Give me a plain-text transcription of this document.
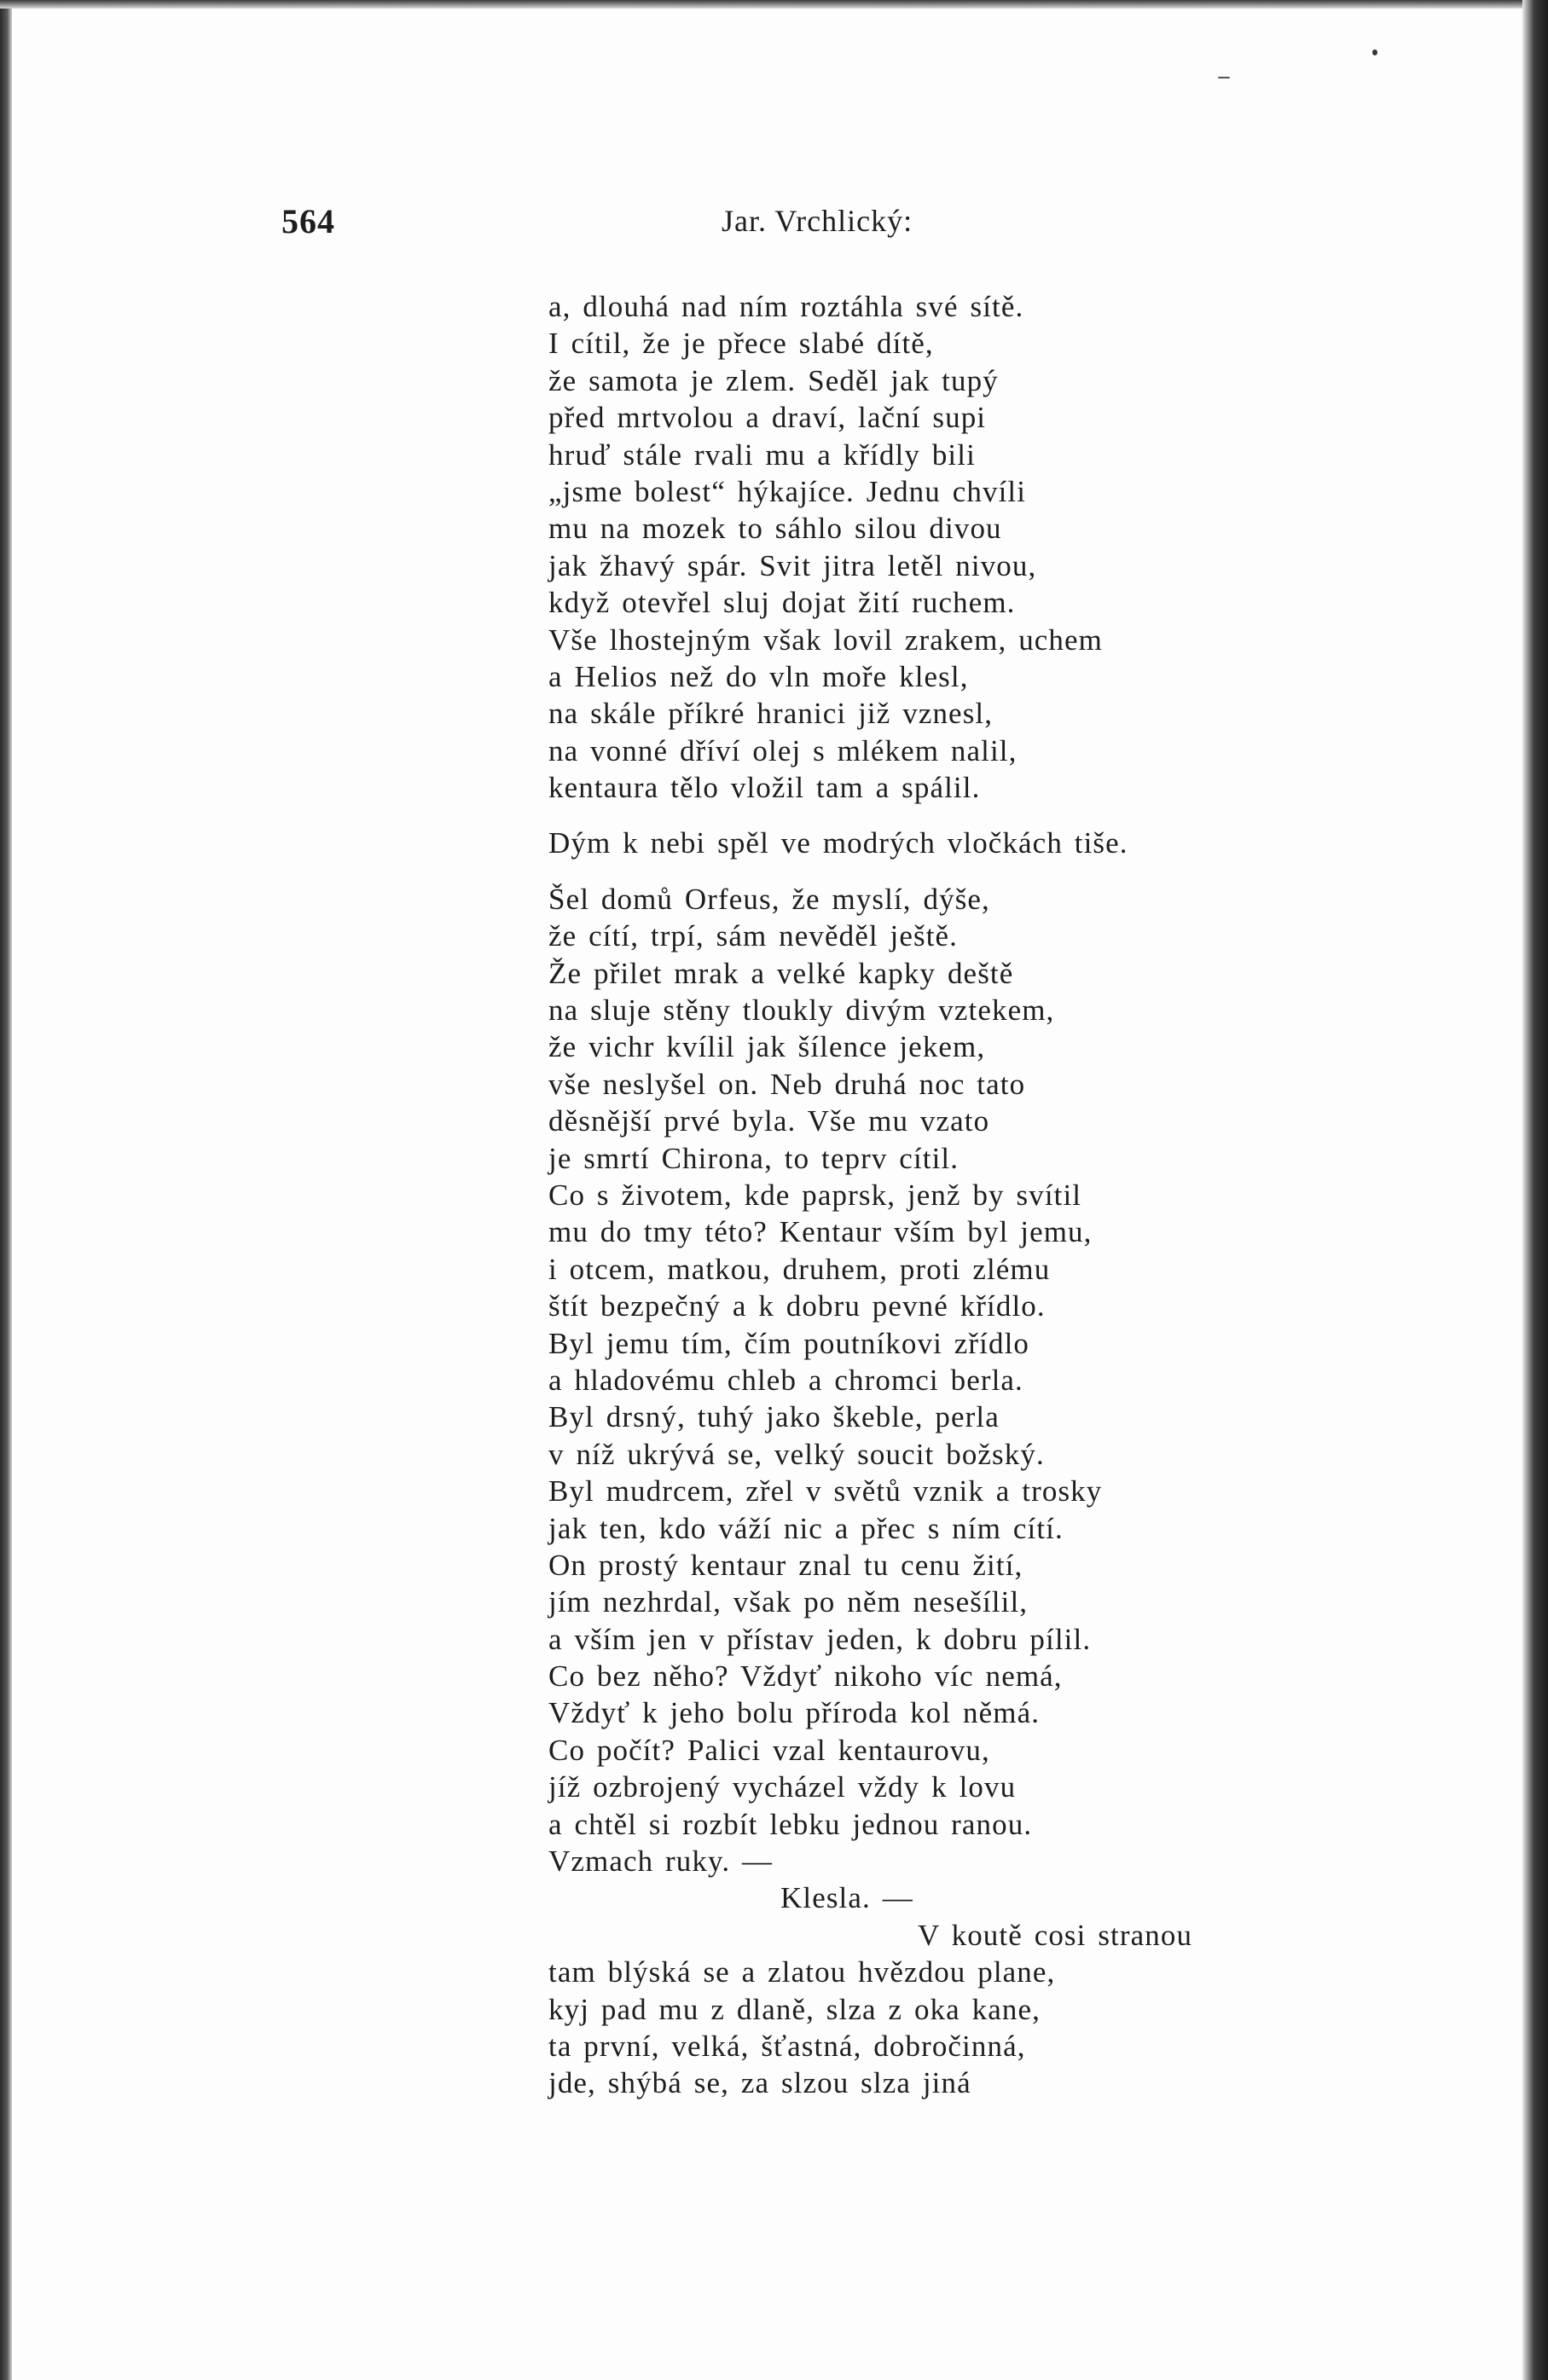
564	Jar. Vrchlický:
a, dlouhá nad ním roztáhla své sítě.
I cítil, že je přece slabé dítě,
že samota je zlem. Seděl jak tupý
před mrtvolou a draví, lační supi
hruď stále rvali mu a křídly bili
„jsme bolest“ hýkajíce. Jednu chvíli
mu na mozek to sáhlo silou divou
jak žhavý spár. Svit jitra letěl nivou,
když otevřel sluj dojat žití ruchem.
Vše lhostejným však lovil zrakem, uchem
a Helios než do vln moře klesl,
na skále příkré hranici již vznesl,
na vonné dříví olej s mlékem nalil,
kentaura tělo vložil tam a spálil.
Dým k nebi spěl ve modrých vločkách tiše.
Šel domů Orfeus, že myslí, dýše,
že cítí, trpí, sám nevěděl ještě.
Že přilet mrak a velké kapky deště
na sluje stěny tloukly divým vztekem,
že vichr kvílil jak šílence jekem,
vše neslyšel on. Neb druhá noc tato
děsnější prvé byla. Vše mu vzato
je smrtí Chirona, to teprv cítil.
Co s životem, kde paprsk, jenž by svítil
mu do tmy této? Kentaur vším byl jemu,
i otcem, matkou, druhem, proti zlému
štít bezpečný a k dobru pevné křídlo.
Byl jemu tím, čím poutníkovi zřídlo
a hladovému chleb a chromci berla.
Byl drsný, tuhý jako škeble, perla
v níž ukrývá se, velký soucit božský.
Byl mudrcem, zřel v světů vznik a trosky
jak ten, kdo váží nic a přec s ním cítí.
On prostý kentaur znal tu cenu žití,
jím nezhrdal, však po něm nesešílil,
a vším jen v přístav jeden, k dobru pílil.
Co bez něho? Vždyť nikoho víc nemá,
Vždyť k jeho bolu příroda kol němá.
Co počít? Palici vzal kentaurovu,
jíž ozbrojený vycházel vždy k lovu
a chtěl si rozbít lebku jednou ranou.
Vzmach ruky. —
Klesla. —
V koutě cosi stranou
tam blýská se a zlatou hvězdou plane,
kyj pad mu z dlaně, slza z oka kane,
ta první, velká, šťastná, dobročinná,
jde, shýbá se, za slzou slza jiná
